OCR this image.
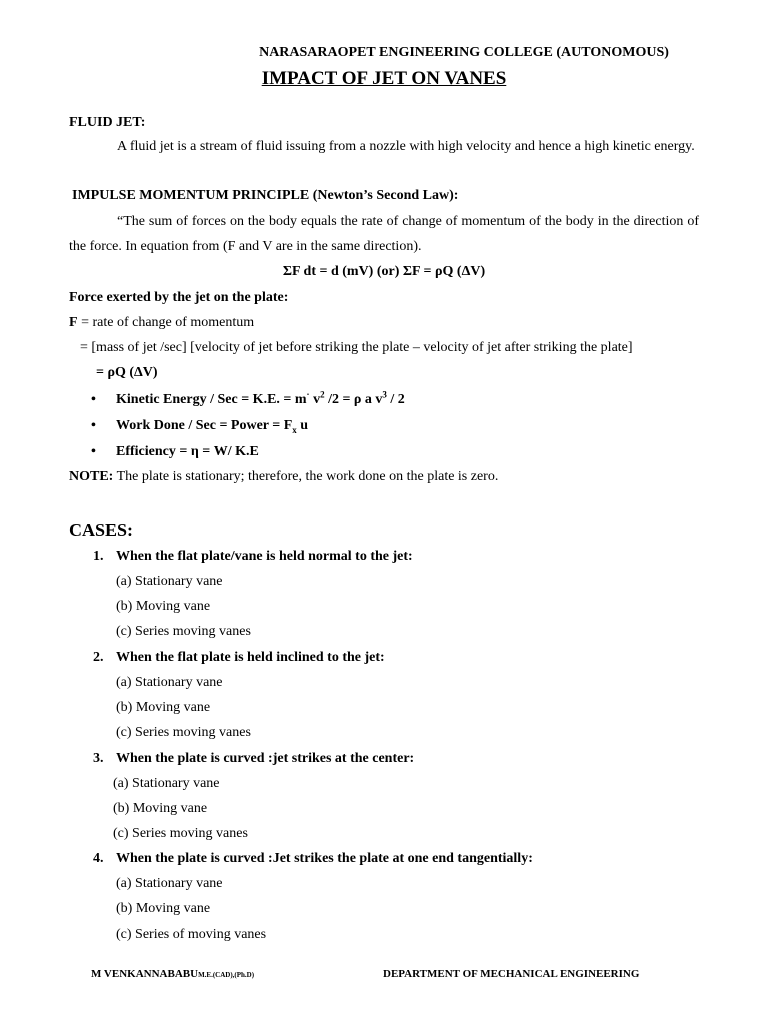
NARASARAOPET ENGINEERING COLLEGE (AUTONOMOUS)
IMPACT OF JET ON VANES
FLUID JET:
A fluid jet is a stream of fluid issuing from a nozzle with high velocity and hence a high kinetic energy.
IMPULSE MOMENTUM PRINCIPLE (Newton’s Second Law):
“The sum of forces on the body equals the rate of change of momentum of the body in the direction of the force. In equation from (F and V are in the same direction).
ΣF dt = d (mV) (or) ΣF = ρQ (ΔV)
Force exerted by the jet on the plate:
F = rate of change of momentum
= [mass of jet /sec] [velocity of jet before striking the plate – velocity of jet after striking the plate]
= ρQ (ΔV)
• Kinetic Energy / Sec = K.E. = m· $v^2$ /2 = ρ a $v^3 / 2$
• Work Done / Sec = Power = $F_x$ u
• Efficiency = η = W/ K.E
NOTE: The plate is stationary; therefore, the work done on the plate is zero.
CASES:
1. When the flat plate/vane is held normal to the jet:
(a) Stationary vane
(b) Moving vane
(c) Series moving vanes
2. When the flat plate is held inclined to the jet:
(a) Stationary vane
(b) Moving vane
(c) Series moving vanes
3. When the plate is curved :jet strikes at the center:
(a) Stationary vane
(b) Moving vane
(c) Series moving vanes
4. When the plate is curved :Jet strikes the plate at one end tangentially:
(a) Stationary vane
(b) Moving vane
(c) Series of moving vanes
M VENKANNABABUM.E.(CAD),(Ph.D)	DEPARTMENT OF MECHANICAL ENGINEERING
